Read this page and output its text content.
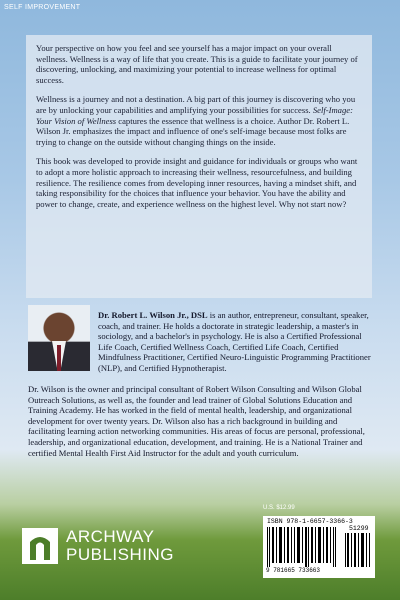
SELF IMPROVEMENT

Your perspective on how you feel and see yourself has a major impact on your overall wellness. Wellness is a way of life that you create. This is a guide to facilitate your journey of discovering, unlocking, and maximizing your potential to increase wellness for optimal success.

Wellness is a journey and not a destination. A big part of this journey is discovering who you are by unlocking your capabilities and amplifying your possibilities for success. Self-Image: Your Vision of Wellness captures the essence that wellness is a choice. Author Dr. Robert L. Wilson Jr. emphasizes the impact and influence of one's self-image because most folks are trying to change on the outside without changing things on the inside.

This book was developed to provide insight and guidance for individuals or groups who want to adopt a more holistic approach to increasing their wellness, resourcefulness, and building resilience. The resilience comes from developing inner resources, having a mindset shift, and taking responsibility for the choices that influence your behavior. You have the ability and power to change, create, and experience wellness on the highest level. Why not start now?

Dr. Robert L. Wilson Jr., DSL is an author, entrepreneur, consultant, speaker, coach, and trainer. He holds a doctorate in strategic leadership, a master's in sociology, and a bachelor's in psychology. He is also a Certified Professional Life Coach, Certified Wellness Coach, Certified Life Coach, Certified Mindfulness Practitioner, Certified Neuro-Linguistic Programming Practitioner (NLP), and Certified Hypnotherapist.

Dr. Wilson is the owner and principal consultant of Robert Wilson Consulting and Wilson Global Outreach Solutions, as well as, the founder and lead trainer of Global Solutions Education and Training Academy. He has worked in the field of mental health, leadership, and organizational development for over twenty years. Dr. Wilson also has a rich background in building and facilitating learning action networking communities. His areas of focus are personal, professional, leadership, and organizational education, development, and training. He is a National Trainer and certified Mental Health First Aid Instructor for the adult and youth curriculum.

U.S. $12.99
ARCHWAY
PUBLISHING
ISBN 978-1-6657-3366-3
51299
9 781665 733663
